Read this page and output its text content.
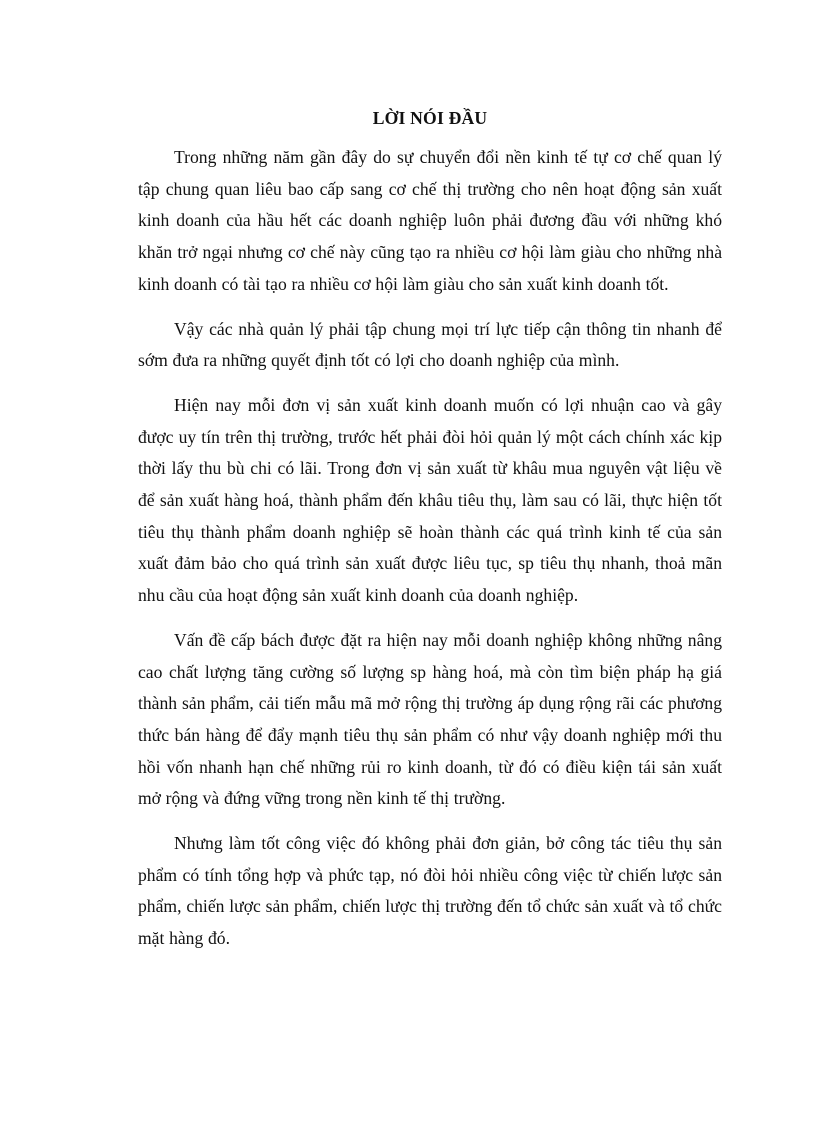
LỜI NÓI ĐẦU

Trong những năm gần đây do sự chuyển đổi nền kinh tế tự cơ chế quan lý tập chung quan liêu bao cấp sang cơ chế thị trường cho nên hoạt động sản xuất kinh doanh của hầu hết các doanh nghiệp luôn phải đương đầu với những khó khăn trở ngại nhưng cơ chế này cũng tạo ra nhiều cơ hội làm giàu cho những nhà kinh doanh có tài tạo ra nhiều cơ hội làm giàu cho sản xuất kinh doanh tốt.

Vậy các nhà quản lý phải tập chung mọi trí lực tiếp cận thông tin nhanh để sớm đưa ra những quyết định tốt có lợi cho doanh nghiệp của mình.

Hiện nay mỗi đơn vị sản xuất kinh doanh muốn có lợi nhuận cao và gây được uy tín trên thị trường, trước hết phải đòi hỏi quản lý một cách chính xác kịp thời lấy thu bù chi có lãi. Trong đơn vị sản xuất từ khâu mua nguyên vật liệu về để sản xuất hàng hoá, thành phẩm đến khâu tiêu thụ, làm sau có lãi, thực hiện tốt tiêu thụ thành phẩm doanh nghiệp sẽ hoàn thành các quá trình kinh tế của sản xuất đảm bảo cho quá trình sản xuất được liêu tục, sp tiêu thụ nhanh, thoả mãn nhu cầu của hoạt động sản xuất kinh doanh của doanh nghiệp.

Vấn đề cấp bách được đặt ra hiện nay mỗi doanh nghiệp không những nâng cao chất lượng tăng cường số lượng sp hàng hoá, mà còn tìm biện pháp hạ giá thành sản phẩm, cải tiến mẫu mã mở rộng thị trường áp dụng rộng rãi các phương thức bán hàng để đẩy mạnh tiêu thụ sản phẩm có như vậy doanh nghiệp mới thu hồi vốn nhanh hạn chế những rủi ro kinh doanh, từ đó có điều kiện tái sản xuất mở rộng và đứng vững trong nền kinh tế thị trường.

Nhưng làm tốt công việc đó không phải đơn giản, bở công tác tiêu thụ sản phẩm có tính tổng hợp và phức tạp, nó đòi hỏi nhiều công việc từ chiến lược sản phẩm, chiến lược sản phẩm, chiến lược thị trường đến tổ chức sản xuất và tổ chức mặt hàng đó.
